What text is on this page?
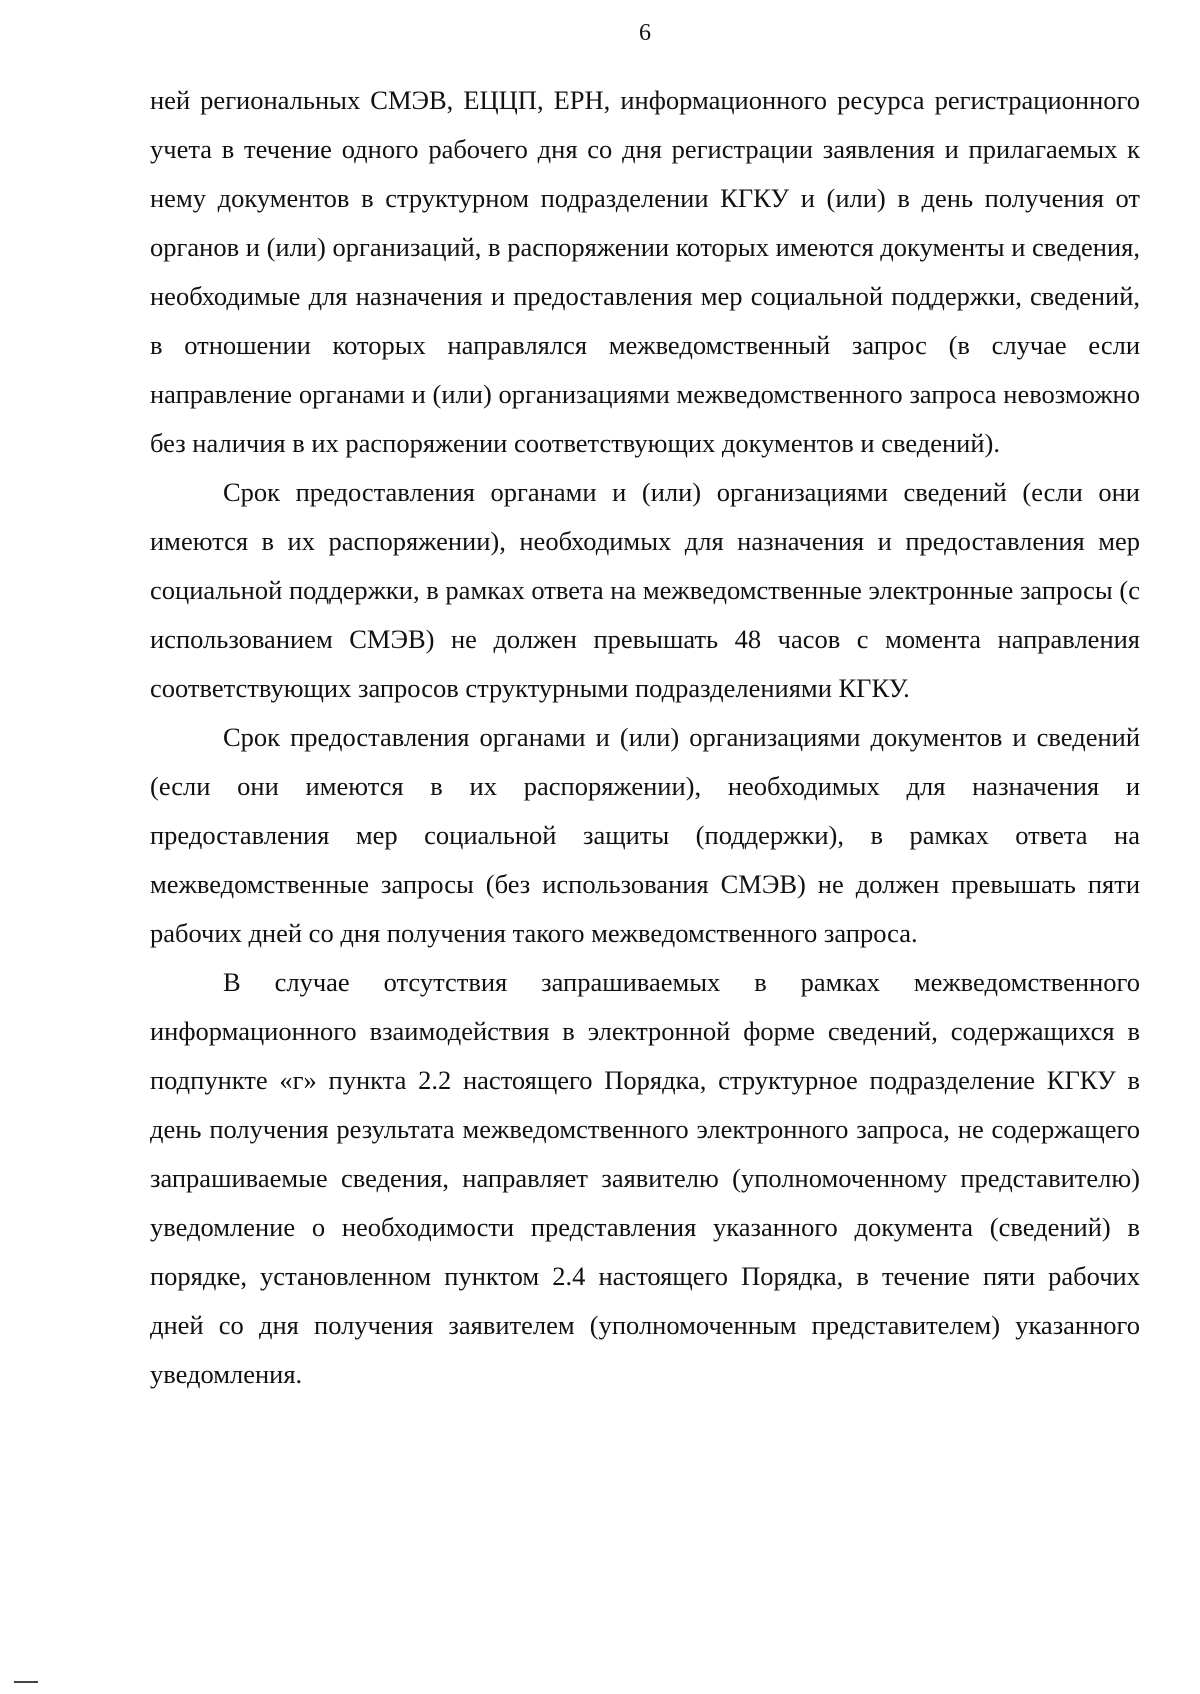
6

ней региональных СМЭВ, ЕЦЦП, ЕРН, информационного ресурса регистрационного учета в течение одного рабочего дня со дня регистрации заявления и прилагаемых к нему документов в структурном подразделении КГКУ и (или) в день получения от органов и (или) организаций, в распоряжении которых имеются документы и сведения, необходимые для назначения и предоставления мер социальной поддержки, сведений, в отношении которых направлялся межведомственный запрос (в случае если направление органами и (или) организациями межведомственного запроса невозможно без наличия в их распоряжении соответствующих документов и сведений).

Срок предоставления органами и (или) организациями сведений (если они имеются в их распоряжении), необходимых для назначения и предоставления мер социальной поддержки, в рамках ответа на межведомственные электронные запросы (с использованием СМЭВ) не должен превышать 48 часов с момента направления соответствующих запросов структурными подразделениями КГКУ.

Срок предоставления органами и (или) организациями документов и сведений (если они имеются в их распоряжении), необходимых для назначения и предоставления мер социальной защиты (поддержки), в рамках ответа на межведомственные запросы (без использования СМЭВ) не должен превышать пяти рабочих дней со дня получения такого межведомственного запроса.

В случае отсутствия запрашиваемых в рамках межведомственного информационного взаимодействия в электронной форме сведений, содержащихся в подпункте «г» пункта 2.2 настоящего Порядка, структурное подразделение КГКУ в день получения результата межведомственного электронного запроса, не содержащего запрашиваемые сведения, направляет заявителю (уполномоченному представителю) уведомление о необходимости представления указанного документа (сведений) в порядке, установленном пунктом 2.4 настоящего Порядка, в течение пяти рабочих дней со дня получения заявителем (уполномоченным представителем) указанного уведомления.
